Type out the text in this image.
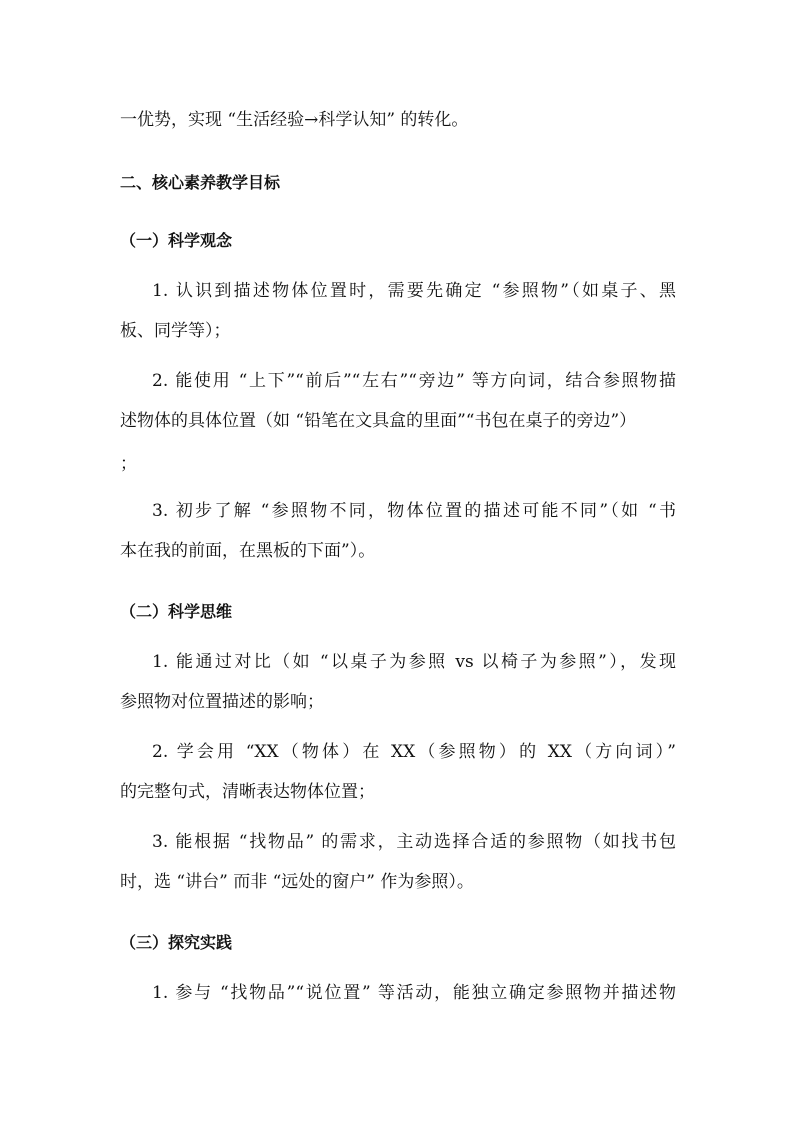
一优势，实现 “生活经验→科学认知” 的转化。
二、核心素养教学目标
（一）科学观念
1. 认识到描述物体位置时，需要先确定 “参照物”（如桌子、黑
板、同学等）；
2. 能使用 “上下”“前后”“左右”“旁边” 等方向词，结合参照物描
述物体的具体位置（如 “铅笔在文具盒的里面”“书包在桌子的旁边”）
；
3. 初步了解 “参照物不同，物体位置的描述可能不同”（如 “书
本在我的前面，在黑板的下面”）。
（二）科学思维
1. 能通过对比（如 “以桌子为参照 vs 以椅子为参照”），发现
参照物对位置描述的影响；
2. 学会用 “XX（物体）在 XX（参照物）的 XX（方向词）”
的完整句式，清晰表达物体位置；
3. 能根据 “找物品” 的需求，主动选择合适的参照物（如找书包
时，选 “讲台” 而非 “远处的窗户” 作为参照）。
（三）探究实践
1. 参与 “找物品”“说位置” 等活动，能独立确定参照物并描述物
